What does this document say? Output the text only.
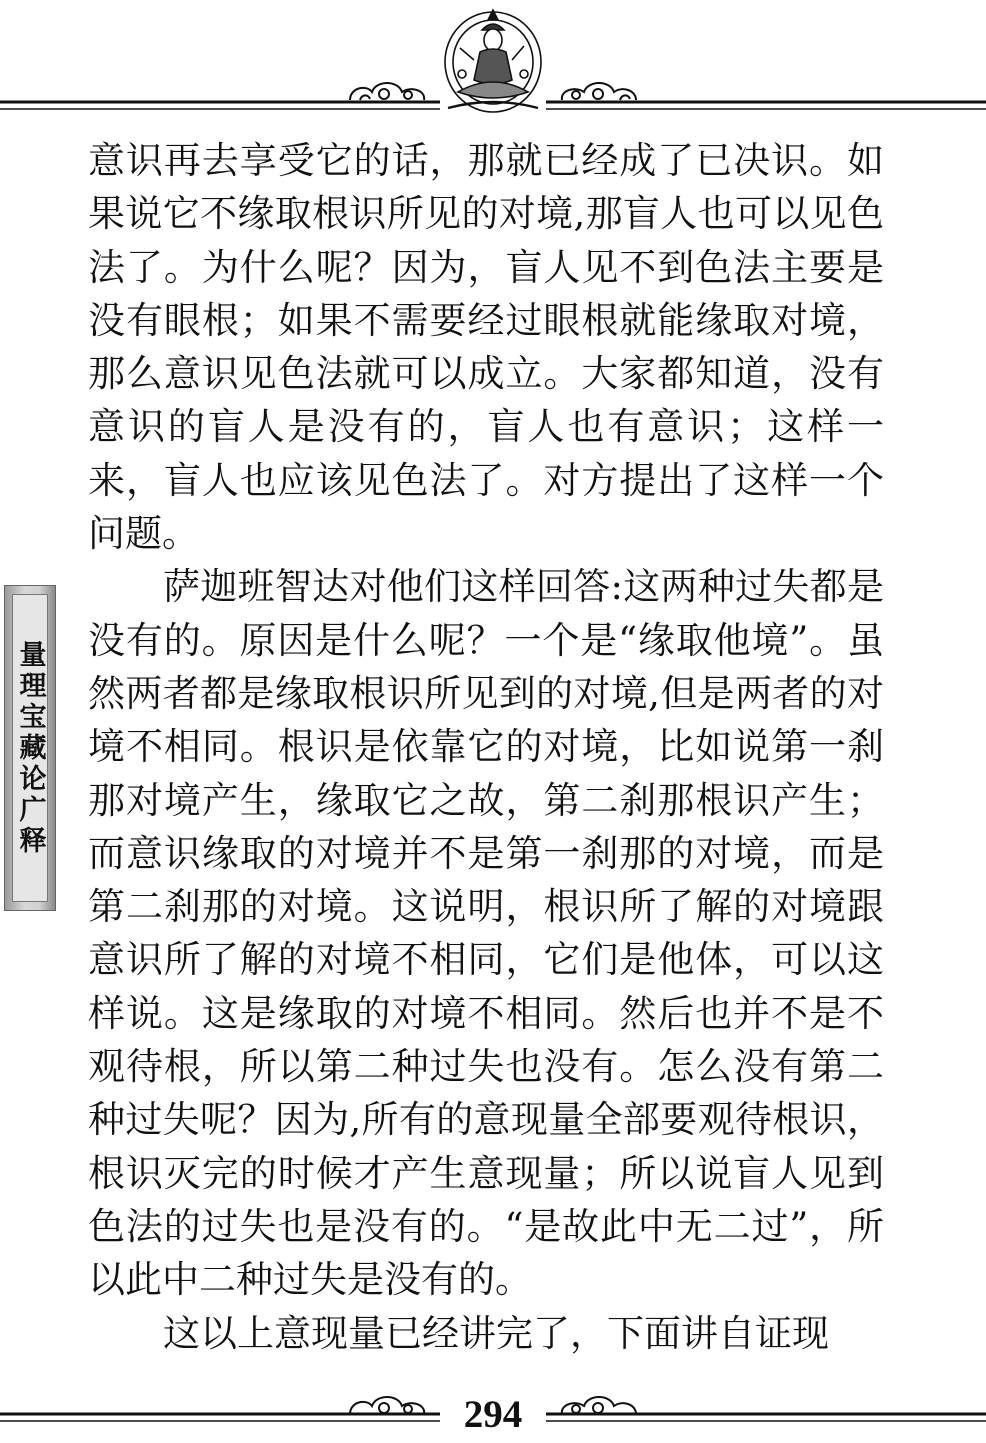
量理宝藏论广释

意识再去享受它的话，那就已经成了已决识。如果说它不缘取根识所见的对境,那盲人也可以见色法了。为什么呢？因为，盲人见不到色法主要是没有眼根；如果不需要经过眼根就能缘取对境，那么意识见色法就可以成立。大家都知道，没有意识的盲人是没有的，盲人也有意识；这样一来，盲人也应该见色法了。对方提出了这样一个问题。

萨迦班智达对他们这样回答:这两种过失都是没有的。原因是什么呢？一个是“缘取他境”。虽然两者都是缘取根识所见到的对境,但是两者的对境不相同。根识是依靠它的对境，比如说第一刹那对境产生，缘取它之故，第二刹那根识产生；而意识缘取的对境并不是第一刹那的对境，而是第二刹那的对境。这说明，根识所了解的对境跟意识所了解的对境不相同，它们是他体，可以这样说。这是缘取的对境不相同。然后也并不是不观待根，所以第二种过失也没有。怎么没有第二种过失呢？因为,所有的意现量全部要观待根识，根识灭完的时候才产生意现量；所以说盲人见到色法的过失也是没有的。“是故此中无二过”，所以此中二种过失是没有的。

这以上意现量已经讲完了，下面讲自证现

294
